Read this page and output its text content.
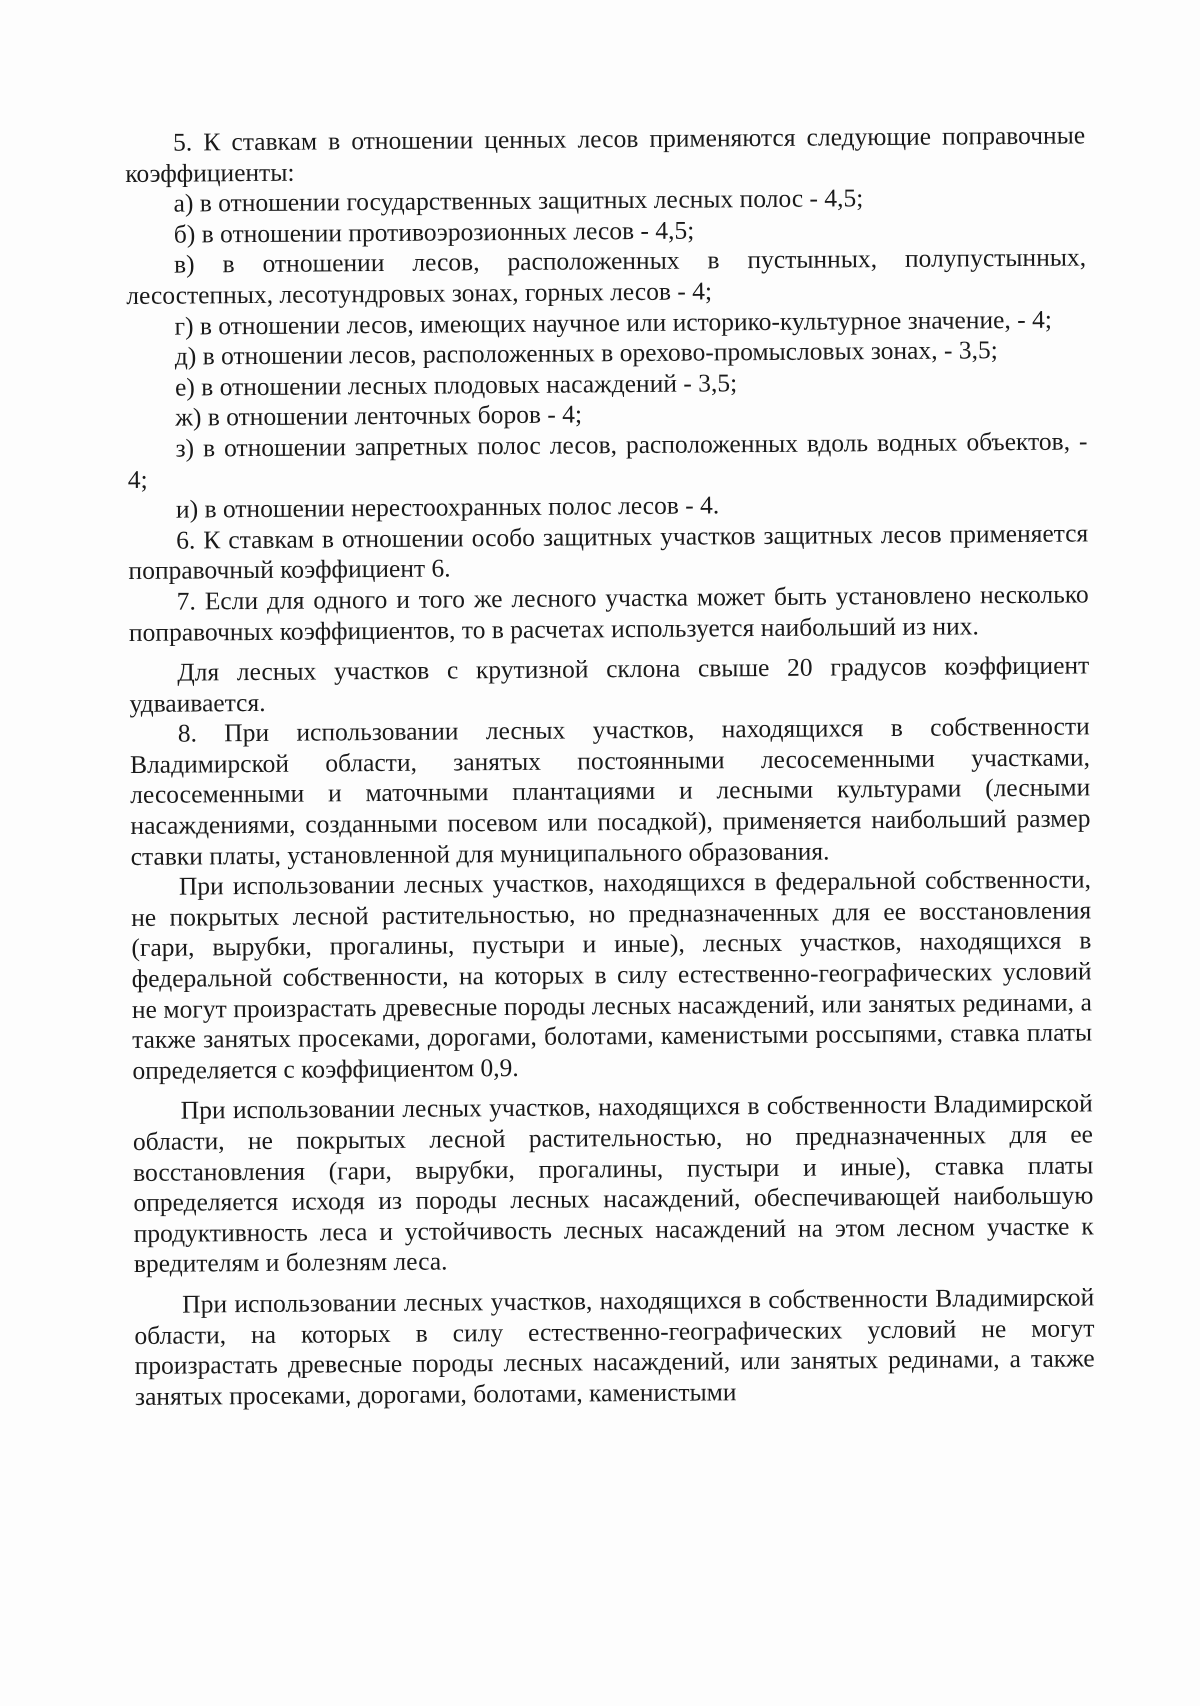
5. К ставкам в отношении ценных лесов применяются следующие поправочные коэффициенты:

а) в отношении государственных защитных лесных полос - 4,5;

б) в отношении противоэрозионных лесов - 4,5;

в) в отношении лесов, расположенных в пустынных, полупустынных, лесостепных, лесотундровых зонах, горных лесов - 4;

г) в отношении лесов, имеющих научное или историко-культурное значение, - 4;

д) в отношении лесов, расположенных в орехово-промысловых зонах, - 3,5;

е) в отношении лесных плодовых насаждений - 3,5;

ж) в отношении ленточных боров - 4;

з) в отношении запретных полос лесов, расположенных вдоль водных объектов, - 4;

и) в отношении нерестоохранных полос лесов - 4.

6. К ставкам в отношении особо защитных участков защитных лесов применяется поправочный коэффициент 6.

7. Если для одного и того же лесного участка может быть установлено несколько поправочных коэффициентов, то в расчетах используется наибольший из них.

Для лесных участков с крутизной склона свыше 20 градусов коэффициент удваивается.

8. При использовании лесных участков, находящихся в собственности Владимирской области, занятых постоянными лесосеменными участками, лесосеменными и маточными плантациями и лесными культурами (лесными насаждениями, созданными посевом или посадкой), применяется наибольший размер ставки платы, установленной для муниципального образования.

При использовании лесных участков, находящихся в федеральной собственности, не покрытых лесной растительностью, но предназначенных для ее восстановления (гари, вырубки, прогалины, пустыри и иные), лесных участков, находящихся в федеральной собственности, на которых в силу естественно-географических условий не могут произрастать древесные породы лесных насаждений, или занятых рединами, а также занятых просеками, дорогами, болотами, каменистыми россыпями, ставка платы определяется с коэффициентом 0,9.

При использовании лесных участков, находящихся в собственности Владимирской области, не покрытых лесной растительностью, но предназначенных для ее восстановления (гари, вырубки, прогалины, пустыри и иные), ставка платы определяется исходя из породы лесных насаждений, обеспечивающей наибольшую продуктивность леса и устойчивость лесных насаждений на этом лесном участке к вредителям и болезням леса.

При использовании лесных участков, находящихся в собственности Владимирской области, на которых в силу естественно-географических условий не могут произрастать древесные породы лесных насаждений, или занятых рединами, а также занятых просеками, дорогами, болотами, каменистыми
